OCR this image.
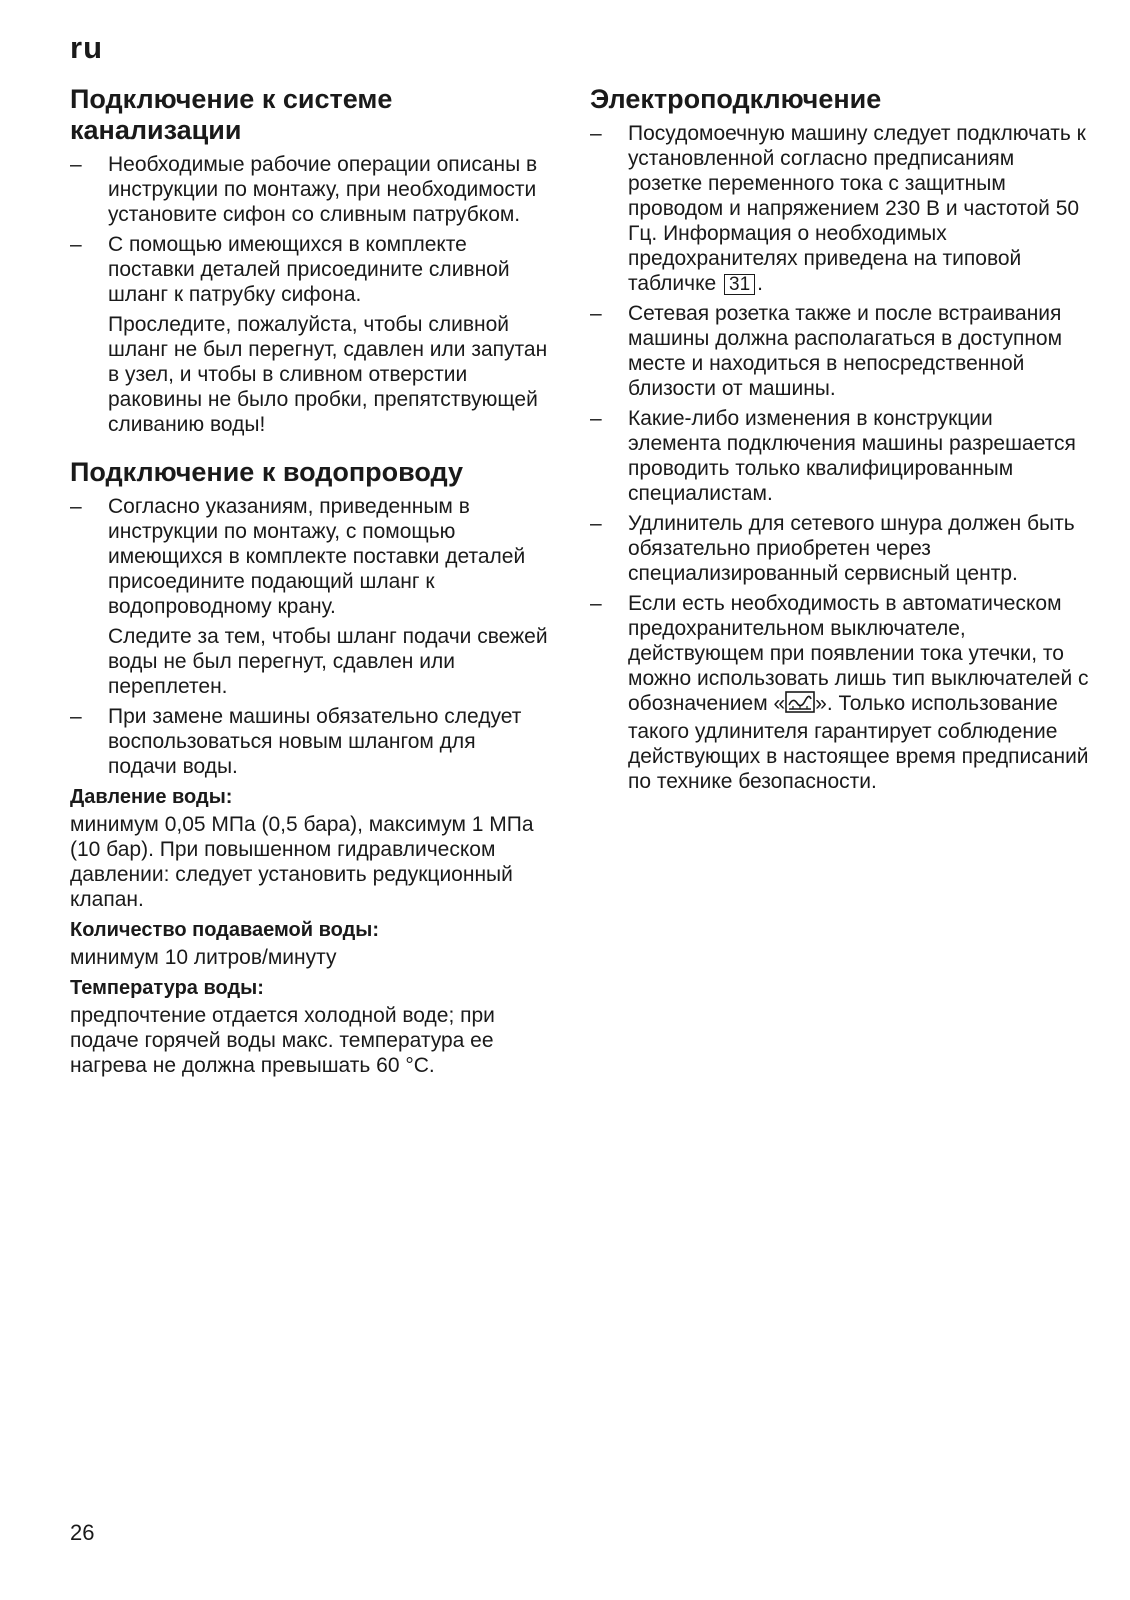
ru
Подключение к системе
канализации
–	Необходимые рабочие операции описаны в инструкции по монтажу, при необходимости установите сифон со сливным патрубком.
–	С помощью имеющихся в комплекте поставки деталей присоедините сливной шланг к патрубку сифона.
Проследите, пожалуйста, чтобы сливной шланг не был перегнут, сдавлен или запутан в узел, и чтобы в сливном отверстии раковины не было пробки, препятствующей сливанию воды!
Подключение к водопроводу
–	Согласно указаниям, приведенным в инструкции по монтажу, с помощью имеющихся в комплекте поставки деталей присоедините подающий шланг к водопроводному крану.
Следите за тем, чтобы шланг подачи свежей воды не был перегнут, сдавлен или переплетен.
–	При замене машины обязательно следует воспользоваться новым шлангом для подачи воды.
Давление воды:
минимум 0,05 МПа (0,5 бара), максимум 1 МПа (10 бар). При повышенном гидравлическом давлении: следует установить редукционный клапан.
Количество подаваемой воды:
минимум 10 литров/минуту
Температура воды:
предпочтение отдается холодной воде; при подаче горячей воды макс. температура ее нагрева не должна превышать 60 °C.
Электроподключение
–	Посудомоечную машину следует подключать к установленной согласно предписаниям розетке переменного тока с защитным проводом и напряжением 230 В и частотой 50 Гц. Информация о необходимых предохранителях приведена на типовой табличке 31 .
–	Сетевая розетка также и после встраивания машины должна располагаться в доступном месте и находиться в непосредственной близости от машины.
–	Какие-либо изменения в конструкции элемента подключения машины разрешается проводить только квалифицированным специалистам.
–	Удлинитель для сетевого шнура должен быть обязательно приобретен через специализированный сервисный центр.
–	Если есть необходимость в автоматическом предохранительном выключателе, действующем при появлении тока утечки, то можно использовать лишь тип выключателей с обозначением « ». Только использование такого удлинителя гарантирует соблюдение действующих в настоящее время предписаний по технике безопасности.
26
